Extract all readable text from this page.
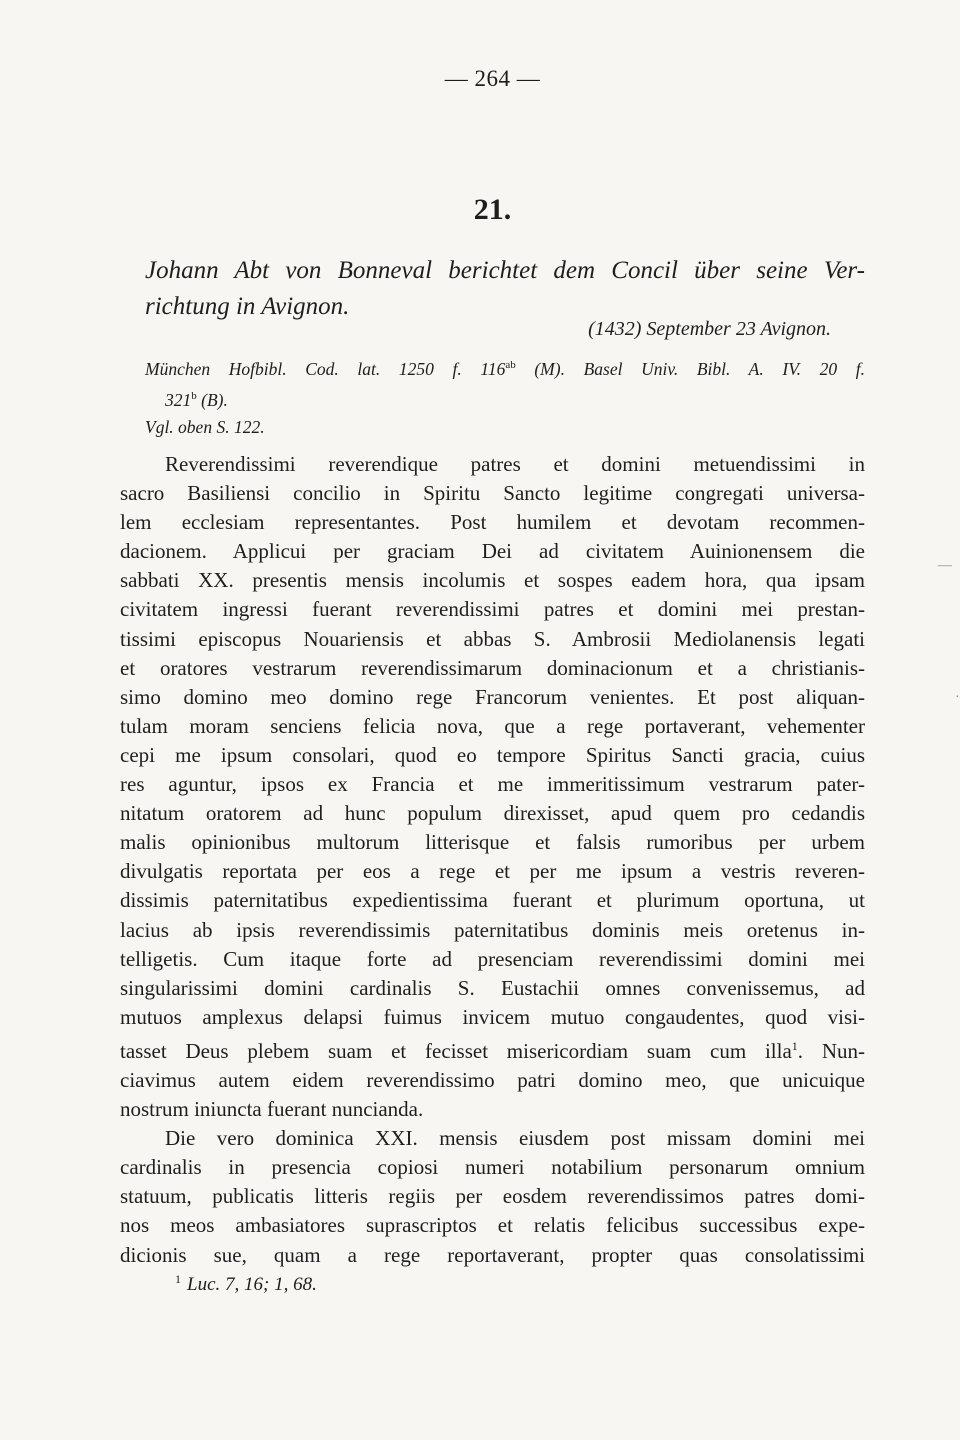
— 264 —
21.
Johann Abt von Bonneval berichtet dem Concil über seine Ver-
richtung in Avignon.
(1432) September 23 Avignon.
München Hofbibl. Cod. lat. 1250 f. $116^{ab}$ (M). Basel Univ. Bibl. A. IV. 20 f.
321$^b$ (B).
Vgl. oben S. 122.
Reverendissimi reverendique patres et domini metuendissimi in
sacro Basiliensi concilio in Spiritu Sancto legitime congregati universa-
lem ecclesiam representantes. Post humilem et devotam recommen-
dacionem. Applicui per graciam Dei ad civitatem Auinionensem die
sabbati XX. presentis mensis incolumis et sospes eadem hora, qua ipsam
civitatem ingressi fuerant reverendissimi patres et domini mei prestan-
tissimi episcopus Nouariensis et abbas S. Ambrosii Mediolanensis legati
et oratores vestrarum reverendissimarum dominacionum et a christianis-
simo domino meo domino rege Francorum venientes. Et post aliquan-
tulam moram senciens felicia nova, que a rege portaverant, vehementer
cepi me ipsum consolari, quod eo tempore Spiritus Sancti gracia, cuius
res aguntur, ipsos ex Francia et me immeritissimum vestrarum pater-
nitatum oratorem ad hunc populum direxisset, apud quem pro cedandis
malis opinionibus multorum litterisque et falsis rumoribus per urbem
divulgatis reportata per eos a rege et per me ipsum a vestris reveren-
dissimis paternitatibus expedientissima fuerant et plurimum oportuna, ut
lacius ab ipsis reverendissimis paternitatibus dominis meis oretenus in-
telligetis. Cum itaque forte ad presenciam reverendissimi domini mei
singularissimi domini cardinalis S. Eustachii omnes convenissemus, ad
mutuos amplexus delapsi fuimus invicem mutuo congaudentes, quod visi-
tasset Deus plebem suam et fecisset misericordiam suam cum illa$^1$. Nun-
ciavimus autem eidem reverendissimo patri domino meo, que unicuique
nostrum iniuncta fuerant nuncianda.
Die vero dominica XXI. mensis eiusdem post missam domini mei
cardinalis in presencia copiosi numeri notabilium personarum omnium
statuum, publicatis litteris regiis per eosdem reverendissimos patres domi-
nos meos ambasiatores suprascriptos et relatis felicibus successibus expe-
dicionis sue, quam a rege reportaverant, propter quas consolatissimi
$^1$ Luc. 7, 16; 1, 68.
—
·
